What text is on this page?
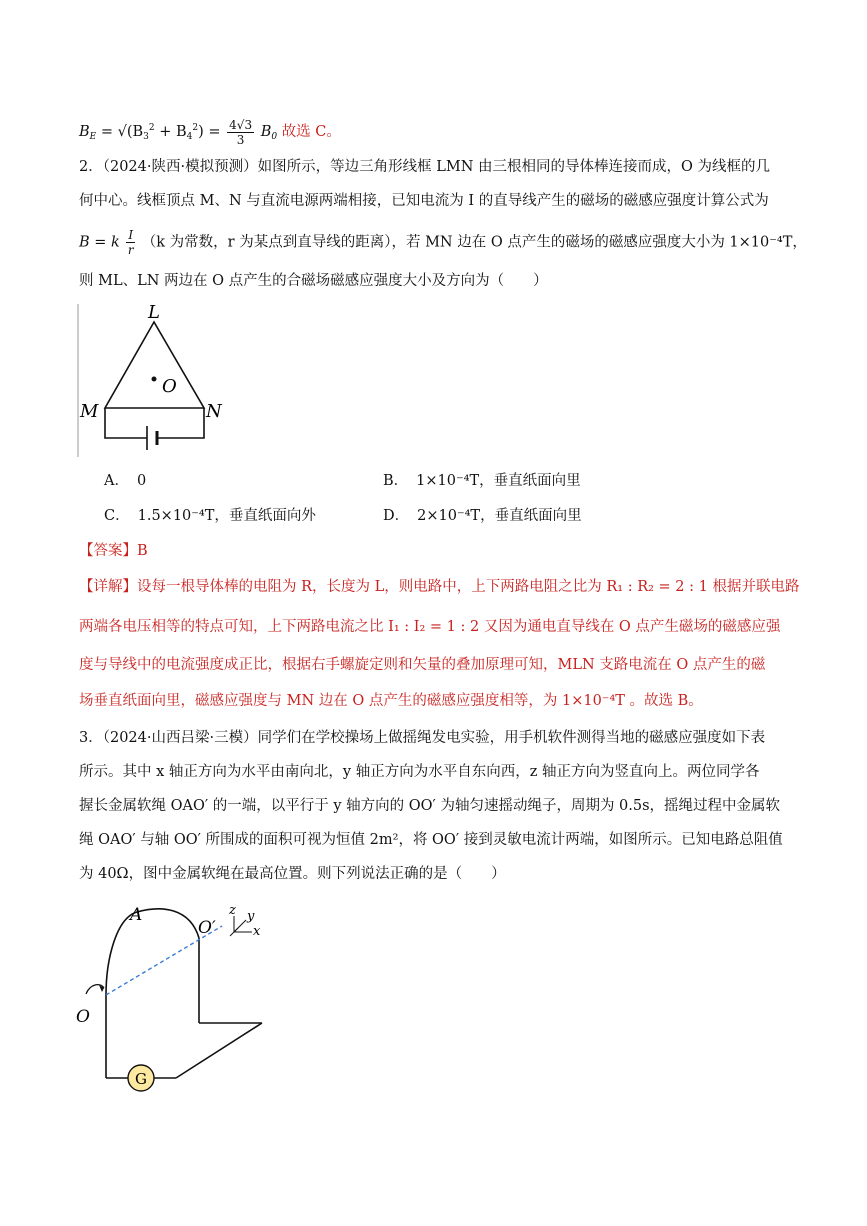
$B_E = √(B_3^2 + B_4^2) = \frac{4√3}{3} B_0$ 故选 C。
2．（2024·陕西·模拟预测）如图所示，等边三角形线框 LMN 由三根相同的导体棒连接而成，O 为线框的几
何中心。线框顶点 M、N 与直流电源两端相接，已知电流为 I 的直导线产生的磁场的磁感应强度计算公式为
B = k $\frac{I}{r} (k$ 为常数，r 为某点到直导线的距离），若 MN 边在 O 点产生的磁场的磁感应强度大小为 1×10⁻⁴T，
则 ML、LN 两边在 O 点产生的合磁场磁感应强度大小及方向为（　　）
L
M	N
O
A． 0	B． 1×10⁻⁴T，垂直纸面向里
C． 1.5×10⁻⁴T，垂直纸面向外	D． 2×10⁻⁴T，垂直纸面向里
【答案】B
【详解】设每一根导体棒的电阻为 R，长度为 L，则电路中，上下两路电阻之比为 R₁ : R₂ = 2 : 1 根据并联电路
两端各电压相等的特点可知，上下两路电流之比 I₁ : I₂ = 1 : 2 又因为通电直导线在 O 点产生磁场的磁感应强
度与导线中的电流强度成正比，根据右手螺旋定则和矢量的叠加原理可知，MLN 支路电流在 O 点产生的磁
场垂直纸面向里，磁感应强度与 MN 边在 O 点产生的磁感应强度相等，为 1×10⁻⁴T 。故选 B。
3．（2024·山西吕梁·三模）同学们在学校操场上做摇绳发电实验，用手机软件测得当地的磁感应强度如下表
所示。其中 x 轴正方向为水平由南向北，y 轴正方向为水平自东向西，z 轴正方向为竖直向上。两位同学各
握长金属软绳 OAO′ 的一端，以平行于 y 轴方向的 OO′ 为轴匀速摇动绳子，周期为 0.5s，摇绳过程中金属软
绳 OAO′ 与轴 OO′ 所围成的面积可视为恒值 2m²，将 OO′ 接到灵敏电流计两端，如图所示。已知电路总阻值
为 40Ω，图中金属软绳在最高位置。则下列说法正确的是（　　）
G
A
O
O′
z y
x
